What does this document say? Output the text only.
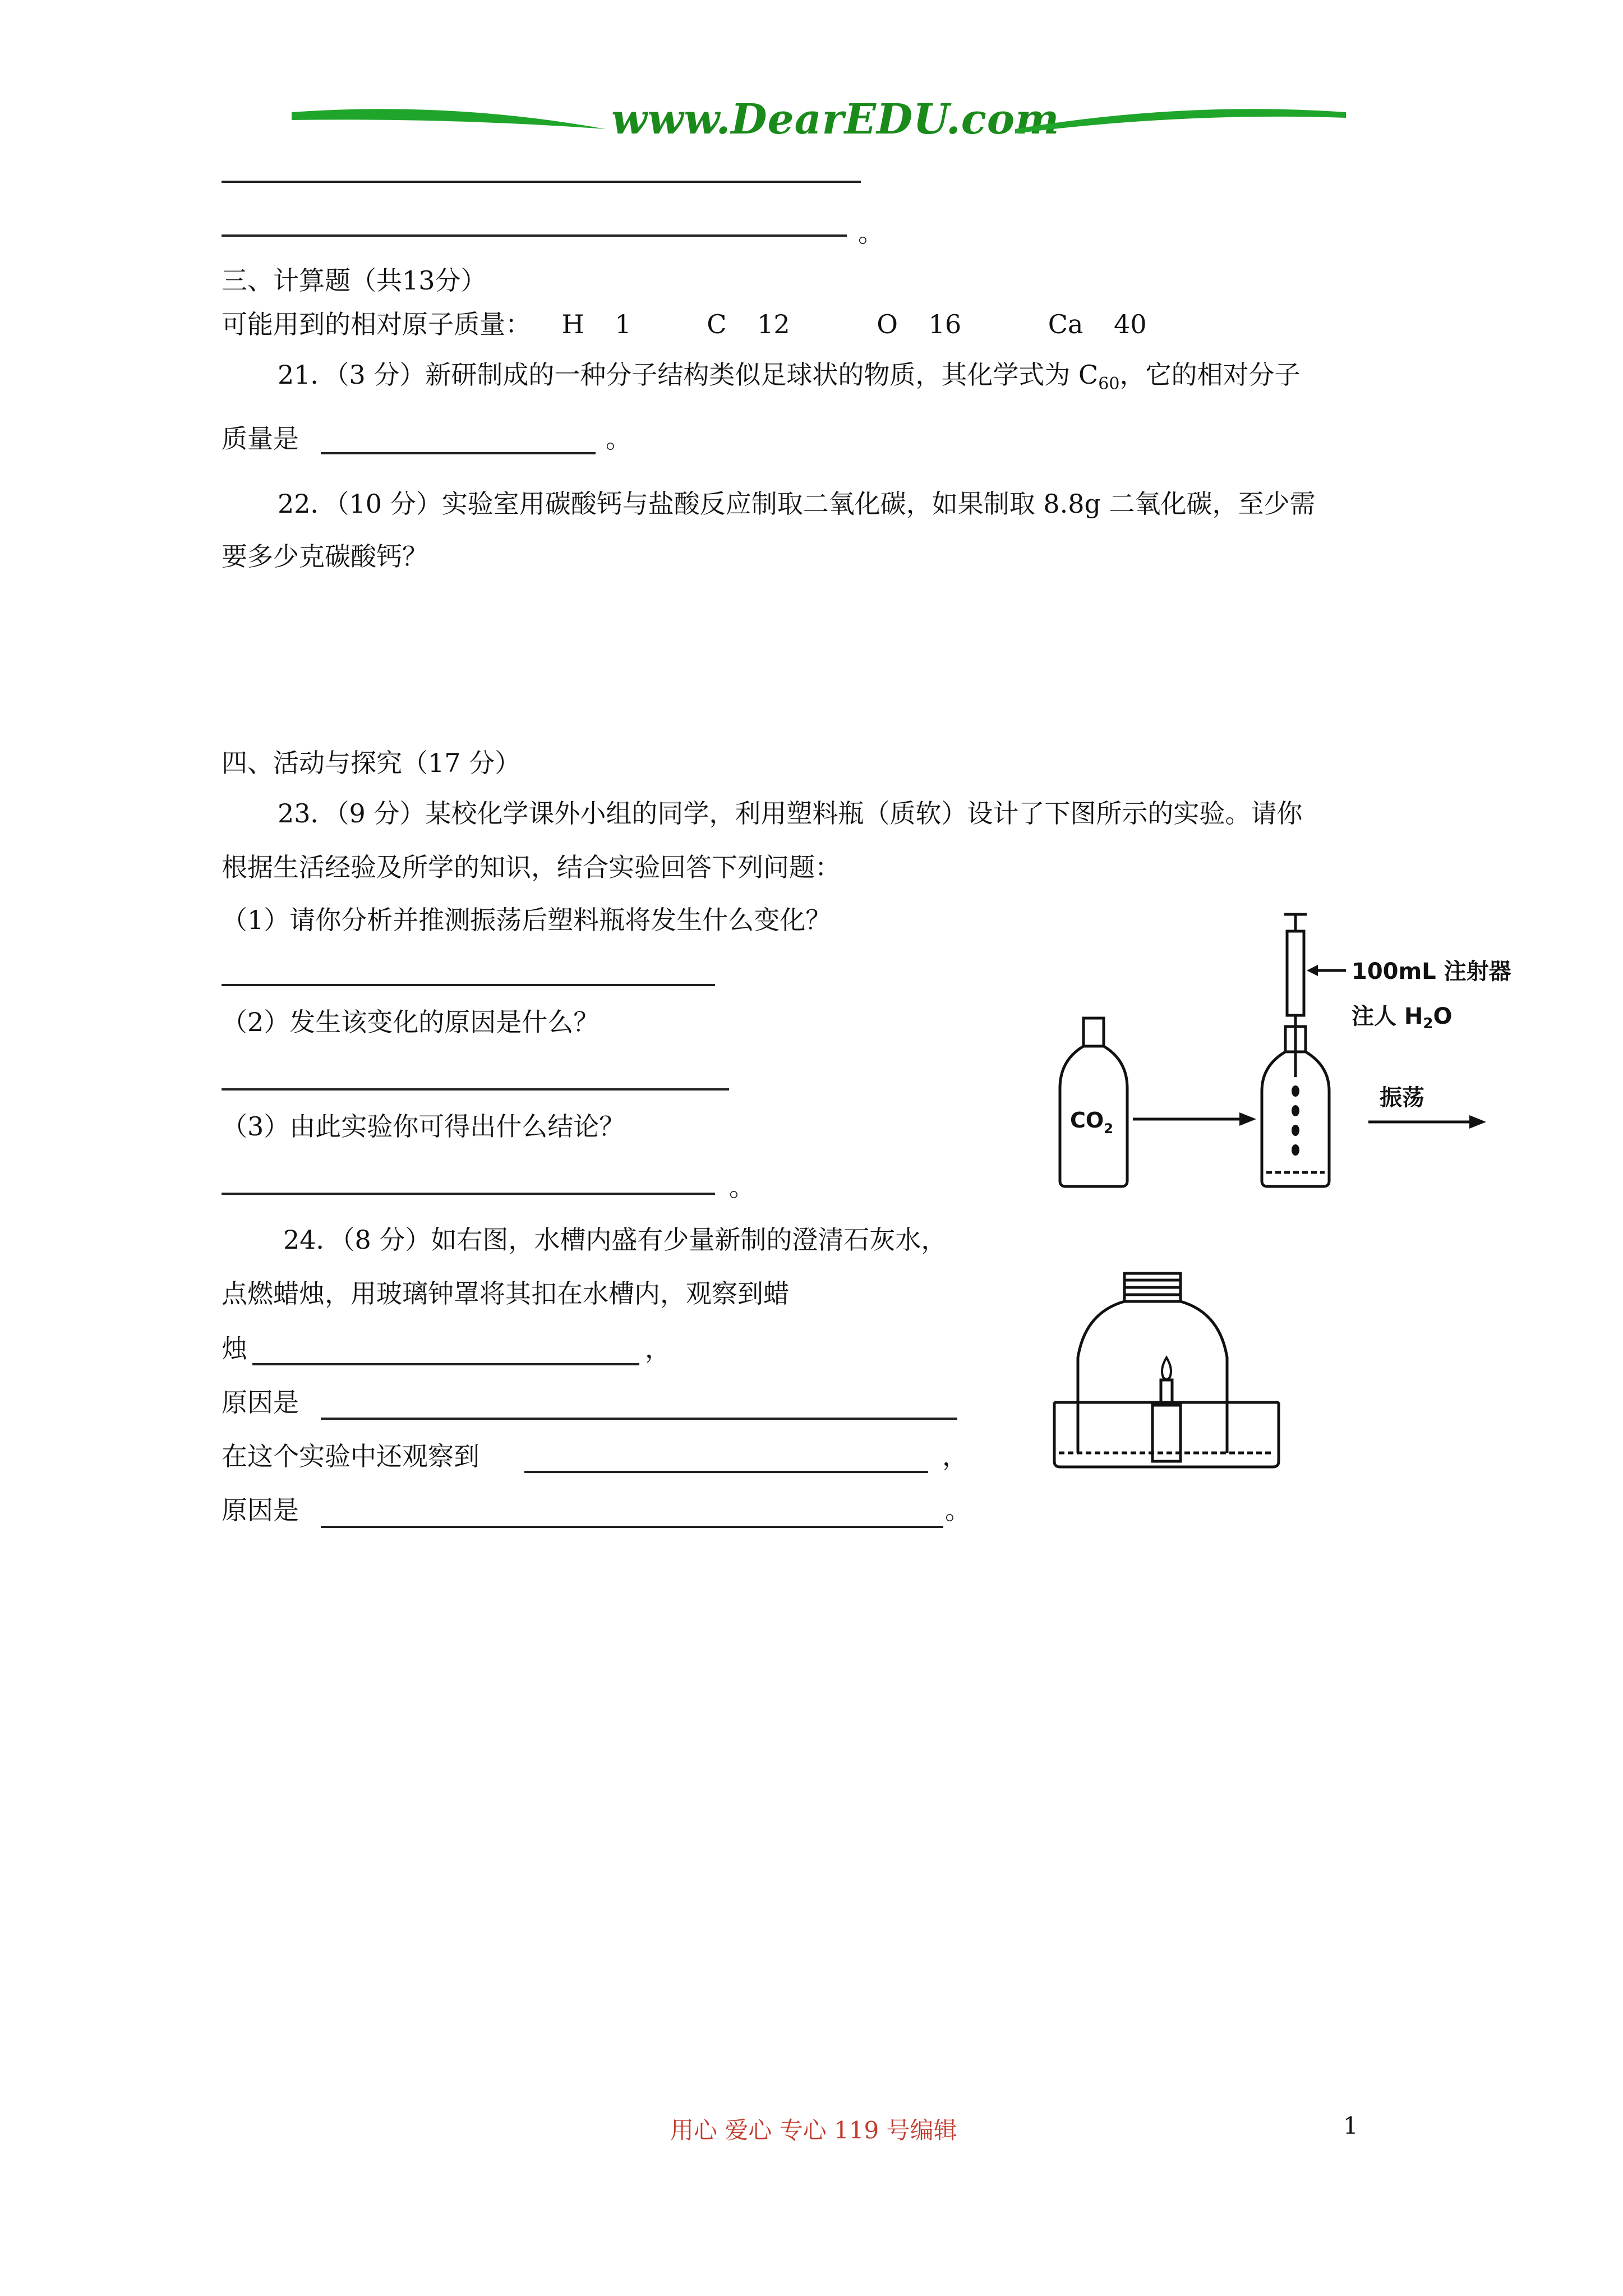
www.DearEDU.com
。
三、计算题（共13分）
可能用到的相对原子质量： H 1	C 12	O 16	Ca 40
21．（3 分）新研制成的一种分子结构类似足球状的物质，其化学式为 $C_{60}$，它的相对分子
质量是	。
22．（10 分）实验室用碳酸钙与盐酸反应制取二氧化碳，如果制取 8.8g 二氧化碳，至少需
要多少克碳酸钙？
四、活动与探究（17 分）
23．（9 分）某校化学课外小组的同学，利用塑料瓶（质软）设计了下图所示的实验。请你
根据生活经验及所学的知识，结合实验回答下列问题：
（1）请你分析并推测振荡后塑料瓶将发生什么变化？
（2）发生该变化的原因是什么？
（3）由此实验你可得出什么结论？
。
$CO_2$
100mL 注射器
注人 $H_2O$
振荡
24．（8 分）如右图，水槽内盛有少量新制的澄清石灰水，
点燃蜡烛，用玻璃钟罩将其扣在水槽内，观察到蜡
烛	，
原因是
在这个实验中还观察到	，
原因是	。
用心 爱心 专心 119 号编辑	1
